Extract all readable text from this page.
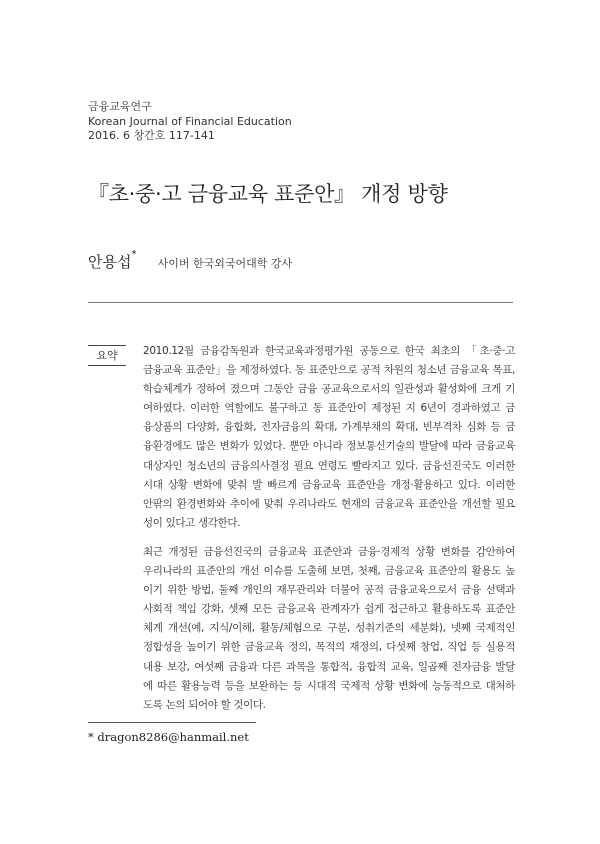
금융교육연구
Korean Journal of Financial Education
2016. 6 창간호 117-141
『초·중·고 금융교육 표준안』 개정 방향
안용섭* 사이버 한국외국어대학 강사
요약	2010.12월 금융감독원과 한국교육과정평가원 공동으로 한국 최초의 「초·중·고

금융교육 표준안」을 제정하였다. 동 표준안으로 공적 차원의 청소년 금융교육 목표,

학습체계가 정하여 졌으며 그동안 금융 공교육으로서의 일관성과 활성화에 크게 기

여하였다. 이러한 역할에도 불구하고 동 표준안이 제정된 지 6년이 경과하였고 금

융상품의 다양화, 융합화, 전자금융의 확대, 가계부채의 확대, 빈부격차 심화 등 금

융환경에도 많은 변화가 있었다. 뿐만 아니라 정보통신기술의 발달에 따라 금융교육

대상자인 청소년의 금융의사결정 필요 연령도 빨라지고 있다. 금융선진국도 이러한

시대 상황 변화에 맞춰 발 빠르게 금융교육 표준안을 개정·활용하고 있다. 이러한

안팎의 환경변화와 추이에 맞춰 우리나라도 현재의 금융교육 표준안을 개선할 필요

성이 있다고 생각한다.

최근 개정된 금융선진국의 금융교육 표준안과 금융·경제적 상황 변화를 감안하여

우리나라의 표준안의 개선 이슈를 도출해 보면, 첫째, 금융교육 표준안의 활용도 높

이기 위한 방법, 둘째 개인의 재무관리와 더불어 공적 금융교육으로서 금융 선택과

사회적 책임 강화, 셋째 모든 금융교육 관계자가 쉽게 접근하고 활용하도록 표준안

체계 개선(예, 지식/이해, 활동/체험으로 구분, 성취기준의 세분화), 넷째 국제적인

정합성을 높이기 위한 금융교육 정의, 목적의 재정의, 다섯째 창업, 직업 등 실용적

내용 보강, 여섯째 금융과 다른 과목을 통합적, 융합적 교육, 일곱째 전자금융 발달

에 따른 활용능력 등을 보완하는 등 시대적 국제적 상황 변화에 능동적으로 대처하

도록 논의 되어야 할 것이다.

* dragon8286@hanmail.net
